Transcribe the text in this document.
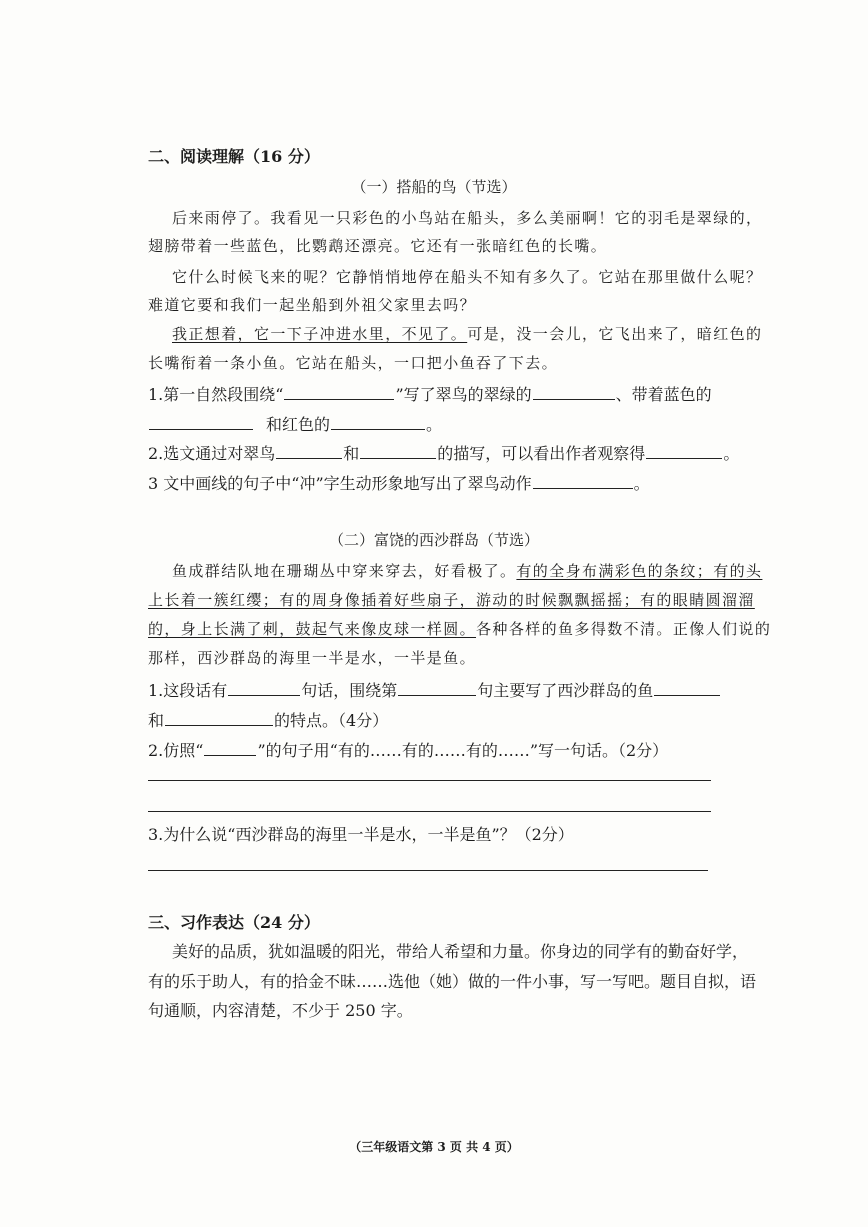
二、阅读理解（16 分）
（一）搭船的鸟（节选）
后来雨停了。我看见一只彩色的小鸟站在船头，多么美丽啊！它的羽毛是翠绿的，
翅膀带着一些蓝色，比鹦鹉还漂亮。它还有一张暗红色的长嘴。
它什么时候飞来的呢？它静悄悄地停在船头不知有多久了。它站在那里做什么呢？
难道它要和我们一起坐船到外祖父家里去吗？
我正想着，它一下子冲进水里，不见了。可是，没一会儿，它飞出来了，暗红色的
长嘴衔着一条小鱼。它站在船头，一口把小鱼吞了下去。
1.第一自然段围绕“	”写了翠鸟的翠绿的	、带着蓝色的
和红色的	。
2.选文通过对翠鸟	和	的描写，可以看出作者观察得	。
3 文中画线的句子中“冲”字生动形象地写出了翠鸟动作	。
（二）富饶的西沙群岛（节选）
鱼成群结队地在珊瑚丛中穿来穿去，好看极了。有的全身布满彩色的条纹；有的头
上长着一簇红缨；有的周身像插着好些扇子，游动的时候飘飘摇摇；有的眼睛圆溜溜
的，身上长满了刺，鼓起气来像皮球一样圆。各种各样的鱼多得数不清。正像人们说的
那样，西沙群岛的海里一半是水，一半是鱼。
1.这段话有	句话，围绕第	句主要写了西沙群岛的鱼
和	的特点。（4分）
2.仿照“	”的句子用“有的……有的……有的……”写一句话。（2分）
3.为什么说“西沙群岛的海里一半是水，一半是鱼”？（2分）
三、习作表达（24 分）
美好的品质，犹如温暖的阳光，带给人希望和力量。你身边的同学有的勤奋好学，
有的乐于助人，有的拾金不昧……选他（她）做的一件小事，写一写吧。题目自拟，语
句通顺，内容清楚，不少于 250 字。
（三年级语文第 3 页 共 4 页）
